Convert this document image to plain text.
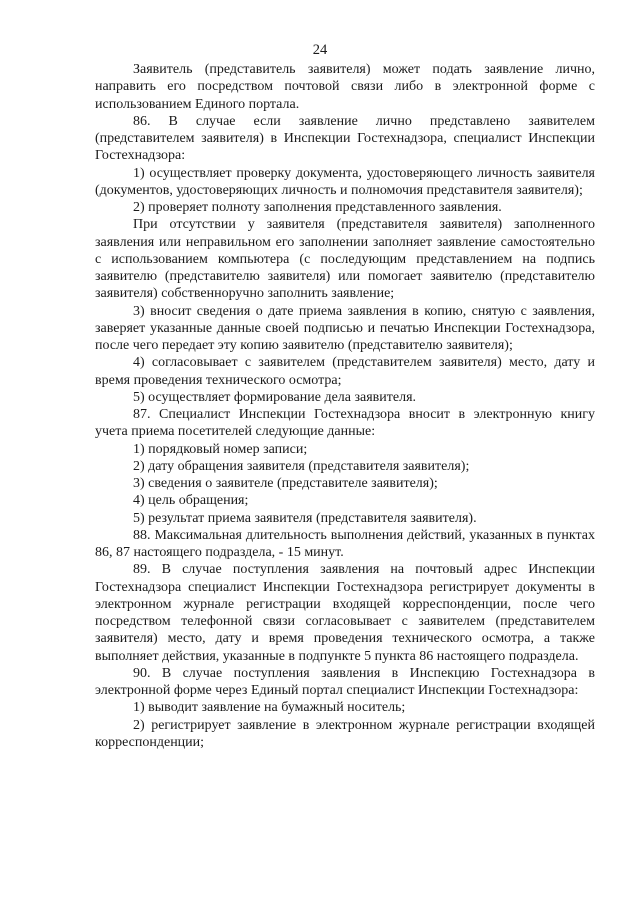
24

Заявитель (представитель заявителя) может подать заявление лично, направить его посредством почтовой связи либо в электронной форме с использованием Единого портала.

86. В случае если заявление лично представлено заявителем (представителем заявителя) в Инспекции Гостехнадзора, специалист Инспекции Гостехнадзора:

1) осуществляет проверку документа, удостоверяющего личность заявителя (документов, удостоверяющих личность и полномочия представителя заявителя);

2) проверяет полноту заполнения представленного заявления.

При отсутствии у заявителя (представителя заявителя) заполненного заявления или неправильном его заполнении заполняет заявление самостоятельно с использованием компьютера (с последующим представлением на подпись заявителю (представителю заявителя) или помогает заявителю (представителю заявителя) собственноручно заполнить заявление;

3) вносит сведения о дате приема заявления в копию, снятую с заявления, заверяет указанные данные своей подписью и печатью Инспекции Гостехнадзора, после чего передает эту копию заявителю (представителю заявителя);

4) согласовывает с заявителем (представителем заявителя) место, дату и время проведения технического осмотра;

5) осуществляет формирование дела заявителя.

87. Специалист Инспекции Гостехнадзора вносит в электронную книгу учета приема посетителей следующие данные:

1) порядковый номер записи;

2) дату обращения заявителя (представителя заявителя);

3) сведения о заявителе (представителе заявителя);

4) цель обращения;

5) результат приема заявителя (представителя заявителя).

88. Максимальная длительность выполнения действий, указанных в пунктах 86, 87 настоящего подраздела, - 15 минут.

89. В случае поступления заявления на почтовый адрес Инспекции Гостехнадзора специалист Инспекции Гостехнадзора регистрирует документы в электронном журнале регистрации входящей корреспонденции, после чего посредством телефонной связи согласовывает с заявителем (представителем заявителя) место, дату и время проведения технического осмотра, а также выполняет действия, указанные в подпункте 5 пункта 86 настоящего подраздела.

90. В случае поступления заявления в Инспекцию Гостехнадзора в электронной форме через Единый портал специалист Инспекции Гостехнадзора:

1) выводит заявление на бумажный носитель;

2) регистрирует заявление в электронном журнале регистрации входящей корреспонденции;
